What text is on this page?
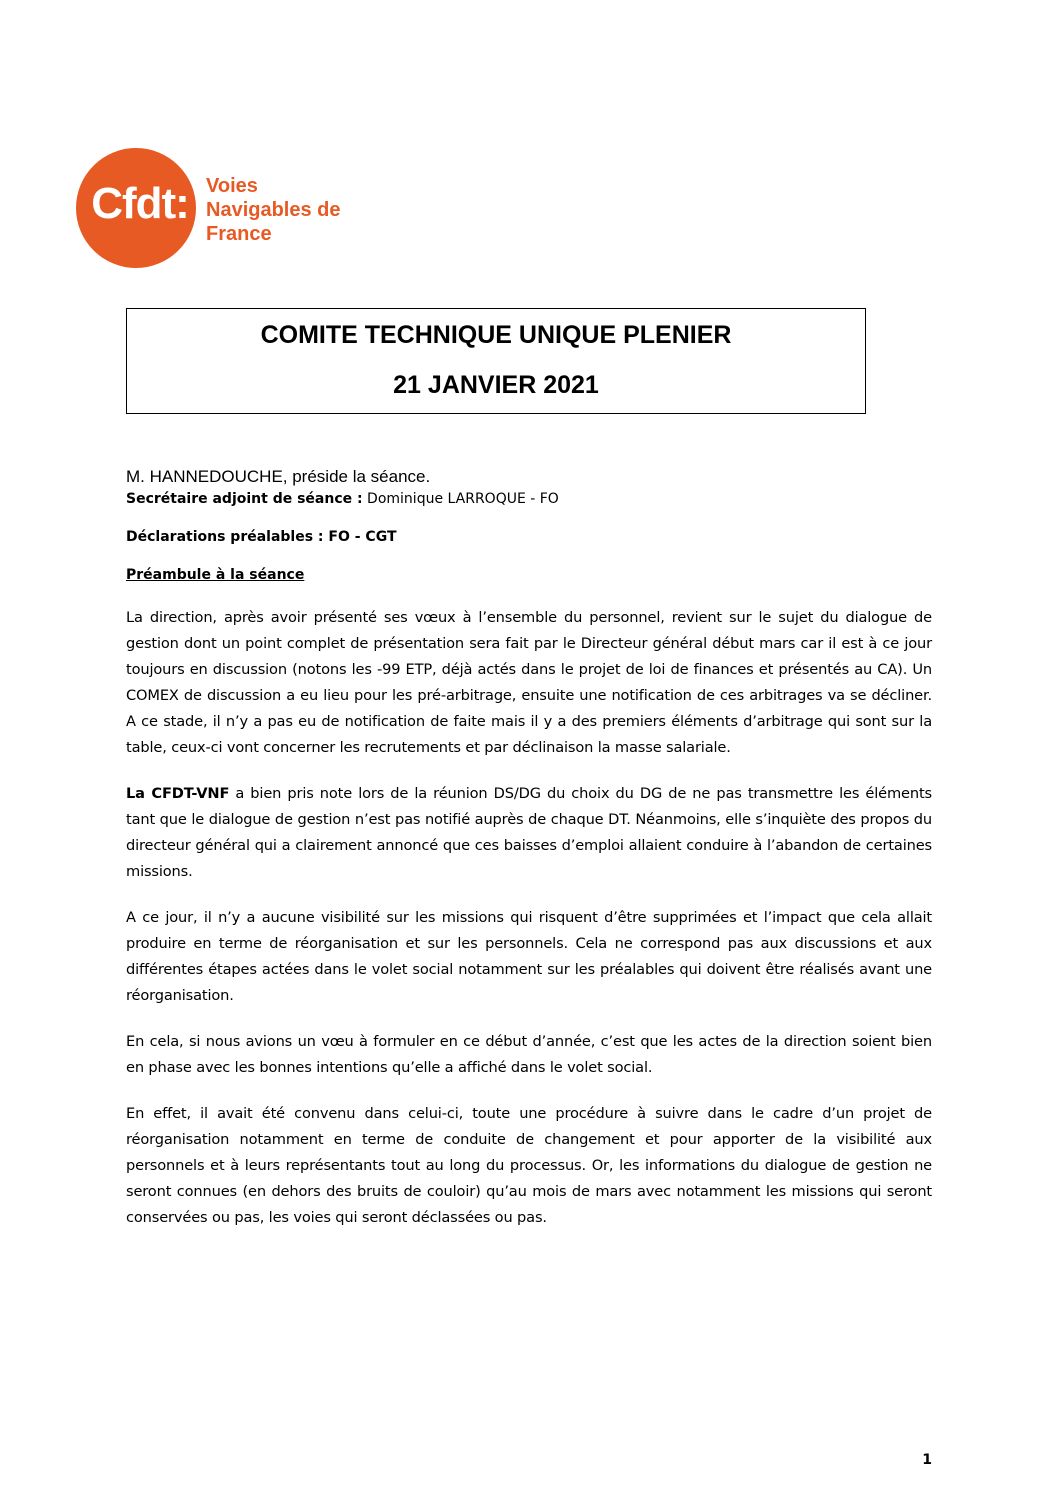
Cfdt: Voies
Navigables de
France
COMITE TECHNIQUE UNIQUE PLENIER
21 JANVIER 2021
M. HANNEDOUCHE, préside la séance.
Secrétaire adjoint de séance : Dominique LARROQUE - FO
Déclarations préalables : FO - CGT
Préambule à la séance

La direction, après avoir présenté ses vœux à l’ensemble du personnel, revient sur le sujet du dialogue de gestion dont un point complet de présentation sera fait par le Directeur général début mars car il est à ce jour toujours en discussion (notons les -99 ETP, déjà actés dans le projet de loi de finances et présentés au CA). Un COMEX de discussion a eu lieu pour les pré-arbitrage, ensuite une notification de ces arbitrages va se décliner. A ce stade, il n’y a pas eu de notification de faite mais il y a des premiers éléments d’arbitrage qui sont sur la table, ceux-ci vont concerner les recrutements et par déclinaison la masse salariale.

La CFDT-VNF a bien pris note lors de la réunion DS/DG du choix du DG de ne pas transmettre les éléments tant que le dialogue de gestion n’est pas notifié auprès de chaque DT. Néanmoins, elle s’inquiète des propos du directeur général qui a clairement annoncé que ces baisses d’emploi allaient conduire à l’abandon de certaines missions.

A ce jour, il n’y a aucune visibilité sur les missions qui risquent d’être supprimées et l’impact que cela allait produire en terme de réorganisation et sur les personnels. Cela ne correspond pas aux discussions et aux différentes étapes actées dans le volet social notamment sur les préalables qui doivent être réalisés avant une réorganisation.

En cela, si nous avions un vœu à formuler en ce début d’année, c’est que les actes de la direction soient bien en phase avec les bonnes intentions qu’elle a affiché dans le volet social.

En effet, il avait été convenu dans celui-ci, toute une procédure à suivre dans le cadre d’un projet de réorganisation notamment en terme de conduite de changement et pour apporter de la visibilité aux personnels et à leurs représentants tout au long du processus. Or, les informations du dialogue de gestion ne seront connues (en dehors des bruits de couloir) qu’au mois de mars avec notamment les missions qui seront conservées ou pas, les voies qui seront déclassées ou pas.

1
